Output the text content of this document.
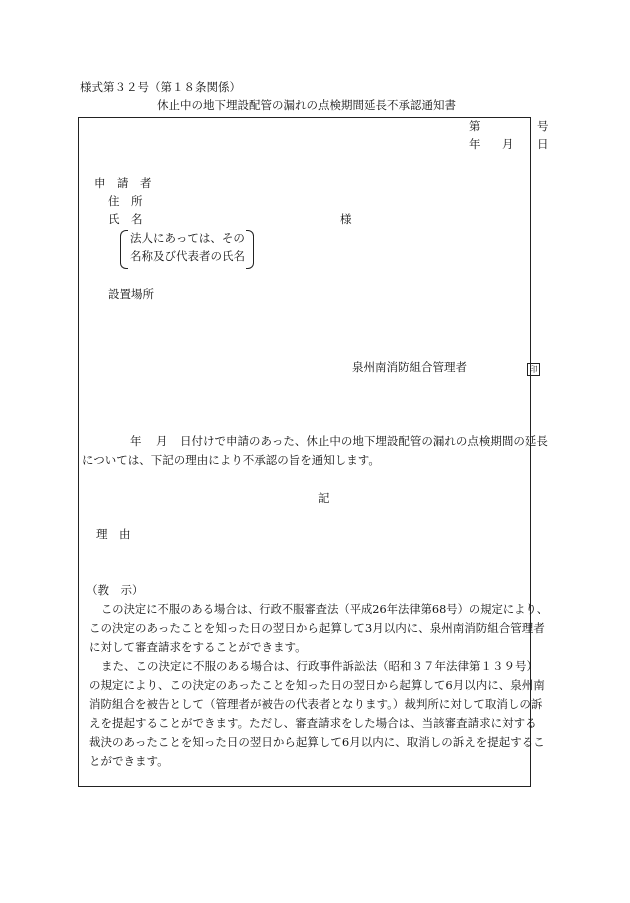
様式第３２号（第１８条関係）
休止中の地下埋設配管の漏れの点検期間延長不承認通知書
第	号
年 月 日
申　請　者
住　所
氏　名	様
法人にあっては、その
名称及び代表者の氏名
設置場所
泉州南消防組合管理者	印
年 月 日付けで申請のあった、休止中の地下埋設配管の漏れの点検期間の延長
については、下記の理由により不承認の旨を通知します。
記
理　由
（教　示）
この決定に不服のある場合は、行政不服審査法（平成26年法律第68号）の規定により、
この決定のあったことを知った日の翌日から起算して3月以内に、泉州南消防組合管理者
に対して審査請求をすることができます。
また、この決定に不服のある場合は、行政事件訴訟法（昭和３７年法律第１３９号）
の規定により、この決定のあったことを知った日の翌日から起算して6月以内に、泉州南
消防組合を被告として（管理者が被告の代表者となります。）裁判所に対して取消しの訴
えを提起することができます。ただし、審査請求をした場合は、当該審査請求に対する
裁決のあったことを知った日の翌日から起算して6月以内に、取消しの訴えを提起するこ
とができます。
